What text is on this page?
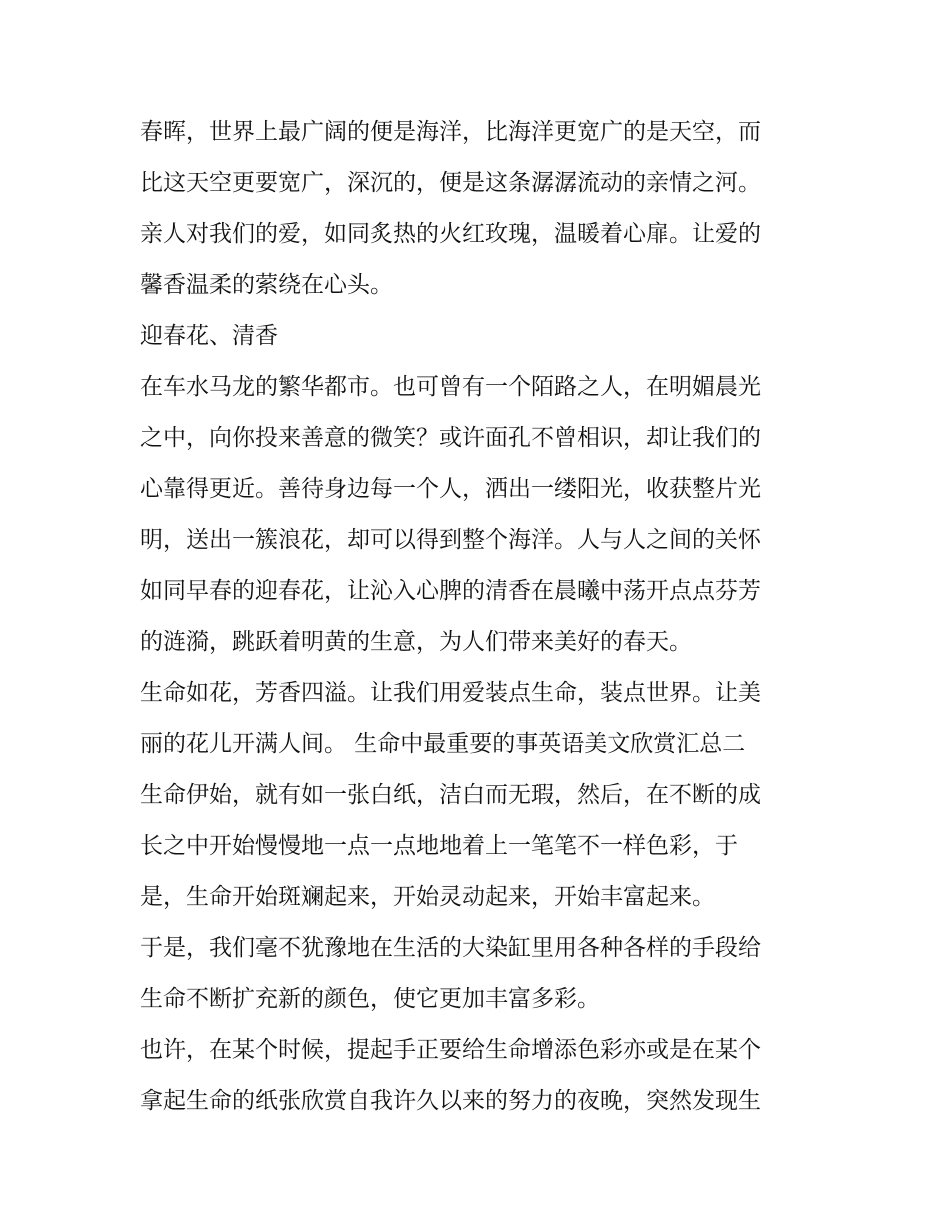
春晖，世界上最广阔的便是海洋，比海洋更宽广的是天空，而
比这天空更要宽广，深沉的，便是这条潺潺流动的亲情之河。
亲人对我们的爱，如同炙热的火红玫瑰，温暖着心扉。让爱的
馨香温柔的萦绕在心头。
迎春花、清香
在车水马龙的繁华都市。也可曾有一个陌路之人，在明媚晨光
之中，向你投来善意的微笑？或许面孔不曾相识，却让我们的
心靠得更近。善待身边每一个人，洒出一缕阳光，收获整片光
明，送出一簇浪花，却可以得到整个海洋。人与人之间的关怀
如同早春的迎春花，让沁入心脾的清香在晨曦中荡开点点芬芳
的涟漪，跳跃着明黄的生意，为人们带来美好的春天。
生命如花，芳香四溢。让我们用爱装点生命，装点世界。让美
丽的花儿开满人间。 生命中最重要的事英语美文欣赏汇总二
生命伊始，就有如一张白纸，洁白而无瑕，然后，在不断的成
长之中开始慢慢地一点一点地地着上一笔笔不一样色彩，于
是，生命开始斑斓起来，开始灵动起来，开始丰富起来。
于是，我们毫不犹豫地在生活的大染缸里用各种各样的手段给
生命不断扩充新的颜色，使它更加丰富多彩。
也许，在某个时候，提起手正要给生命增添色彩亦或是在某个
拿起生命的纸张欣赏自我许久以来的努力的夜晚，突然发现生
